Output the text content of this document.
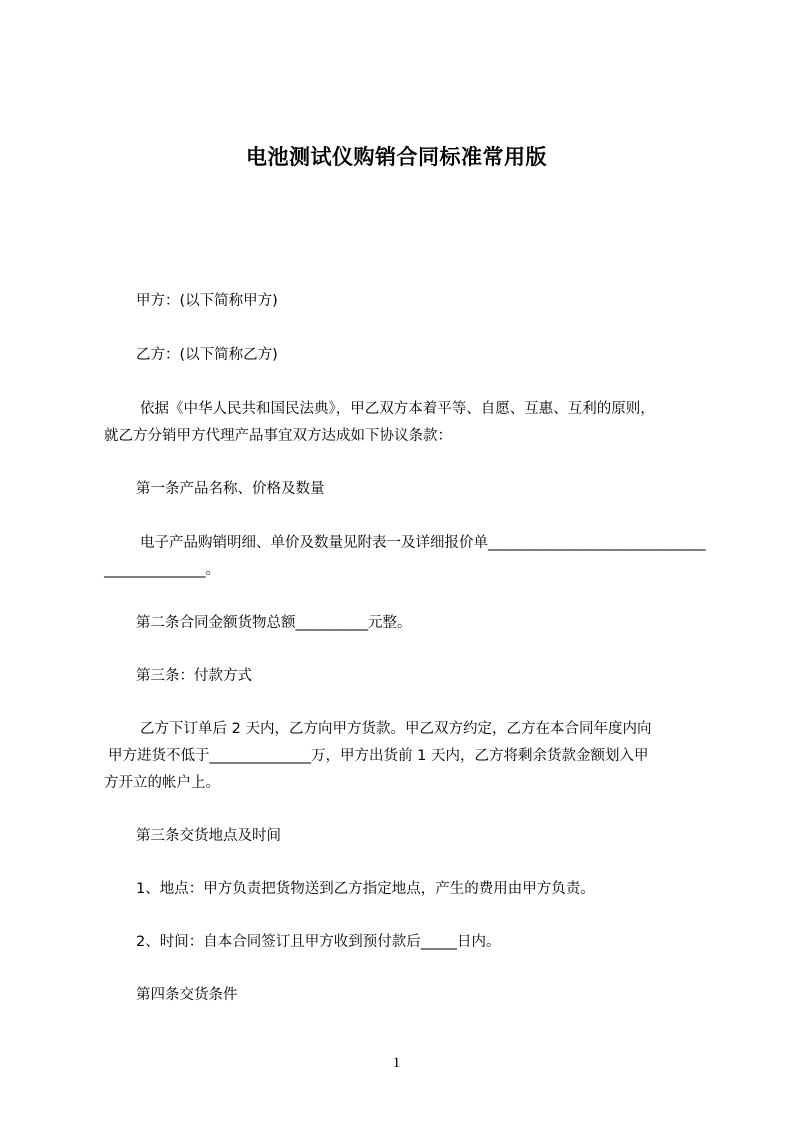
电池测试仪购销合同标准常用版
甲方：(以下简称甲方)
乙方：(以下简称乙方)
依据《中华人民共和国民法典》，甲乙双方本着平等、自愿、互惠、互利的原则，
就乙方分销甲方代理产品事宜双方达成如下协议条款：
第一条产品名称、价格及数量
电子产品购销明细、单价及数量见附表一及详细报价单______________________________
______________。
第二条合同金额货物总额__________元整。
第三条：付款方式
乙方下订单后 2 天内，乙方向甲方货款。甲乙双方约定，乙方在本合同年度内向
甲方进货不低于______________万，甲方出货前 1 天内，乙方将剩余货款金额划入甲
方开立的帐户上。
第三条交货地点及时间
1、地点：甲方负责把货物送到乙方指定地点，产生的费用由甲方负责。
2、时间：自本合同签订且甲方收到预付款后_____日内。
第四条交货条件
1
